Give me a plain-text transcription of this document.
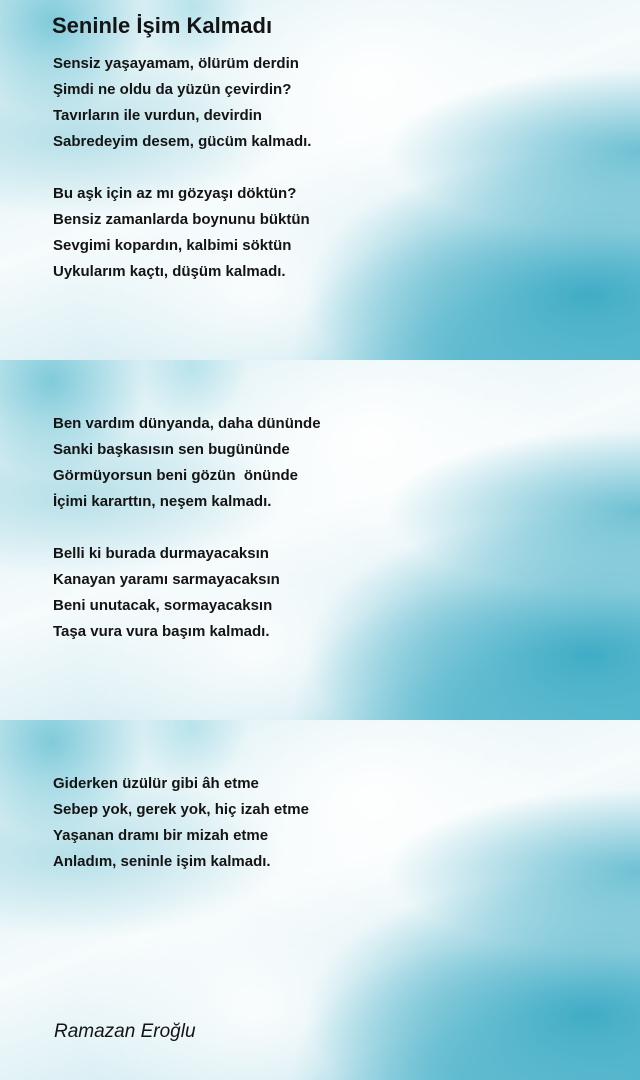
Seninle İşim Kalmadı
Sensiz yaşayamam, ölürüm derdin
Şimdi ne oldu da yüzün çevirdin?
Tavırların ile vurdun, devirdin
Sabredeyim desem, gücüm kalmadı.
Bu aşk için az mı gözyaşı döktün?
Bensiz zamanlarda boynunu büktün
Sevgimi kopardın, kalbimi söktün
Uykularım kaçtı, düşüm kalmadı.
Ben vardım dünyanda, daha dününde
Sanki başkasısın sen bugününde
Görmüyorsun beni gözün  önünde
İçimi kararttın, neşem kalmadı.
Belli ki burada durmayacaksın
Kanayan yaramı sarmayacaksın
Beni unutacak, sormayacaksın
Taşa vura vura başım kalmadı.
Giderken üzülür gibi âh etme
Sebep yok, gerek yok, hiç izah etme
Yaşanan dramı bir mizah etme
Anladım, seninle işim kalmadı.

Ramazan Eroğlu
